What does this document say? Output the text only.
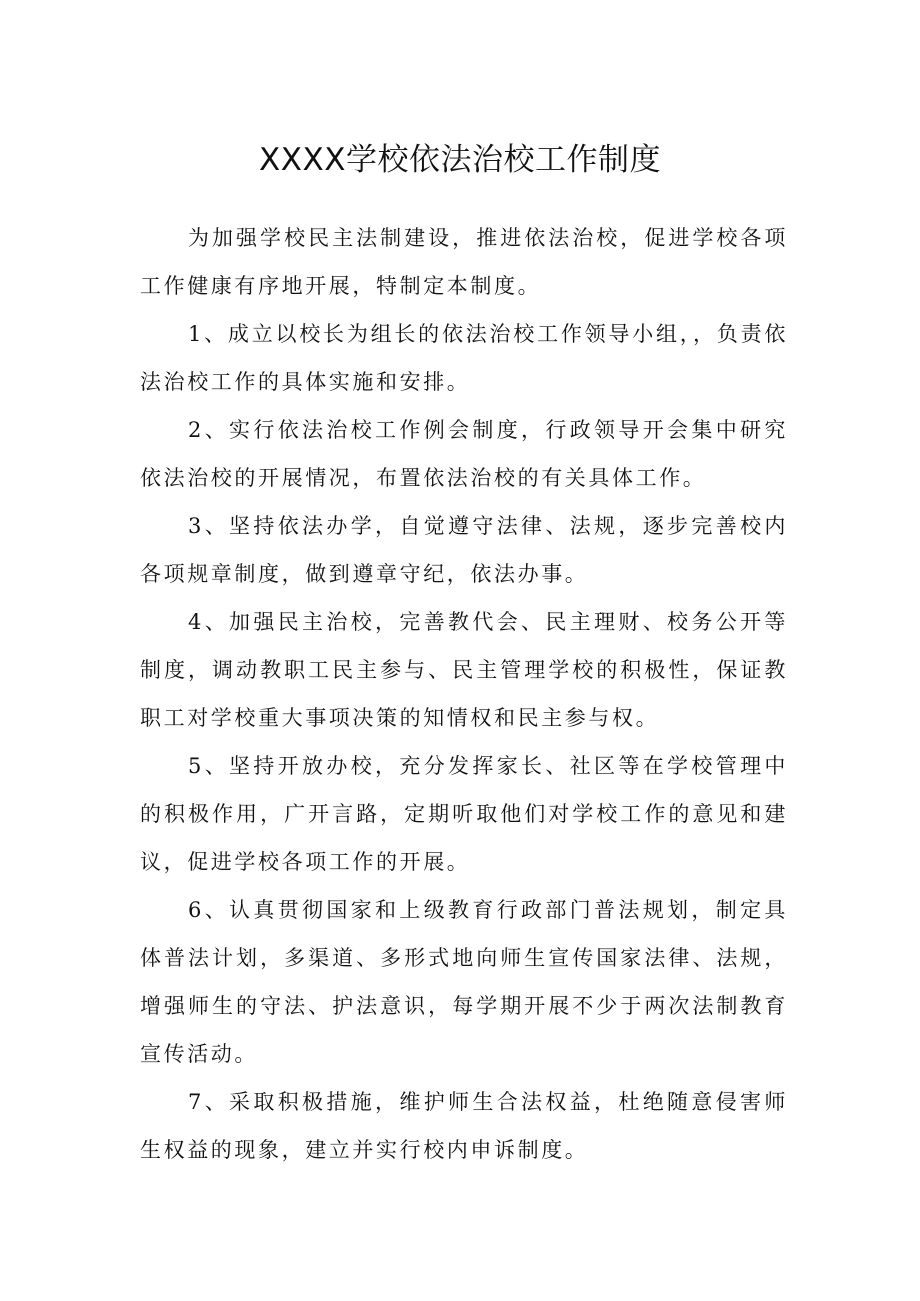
XXXX学校依法治校工作制度

为加强学校民主法制建设，推进依法治校，促进学校各项工作健康有序地开展，特制定本制度。

1、成立以校长为组长的依法治校工作领导小组，，负责依法治校工作的具体实施和安排。

2、实行依法治校工作例会制度，行政领导开会集中研究依法治校的开展情况，布置依法治校的有关具体工作。

3、坚持依法办学，自觉遵守法律、法规，逐步完善校内各项规章制度，做到遵章守纪，依法办事。

4、加强民主治校，完善教代会、民主理财、校务公开等制度，调动教职工民主参与、民主管理学校的积极性，保证教职工对学校重大事项决策的知情权和民主参与权。

5、坚持开放办校，充分发挥家长、社区等在学校管理中的积极作用，广开言路，定期听取他们对学校工作的意见和建议，促进学校各项工作的开展。

6、认真贯彻国家和上级教育行政部门普法规划，制定具体普法计划，多渠道、多形式地向师生宣传国家法律、法规，增强师生的守法、护法意识，每学期开展不少于两次法制教育宣传活动。

7、采取积极措施，维护师生合法权益，杜绝随意侵害师生权益的现象，建立并实行校内申诉制度。
